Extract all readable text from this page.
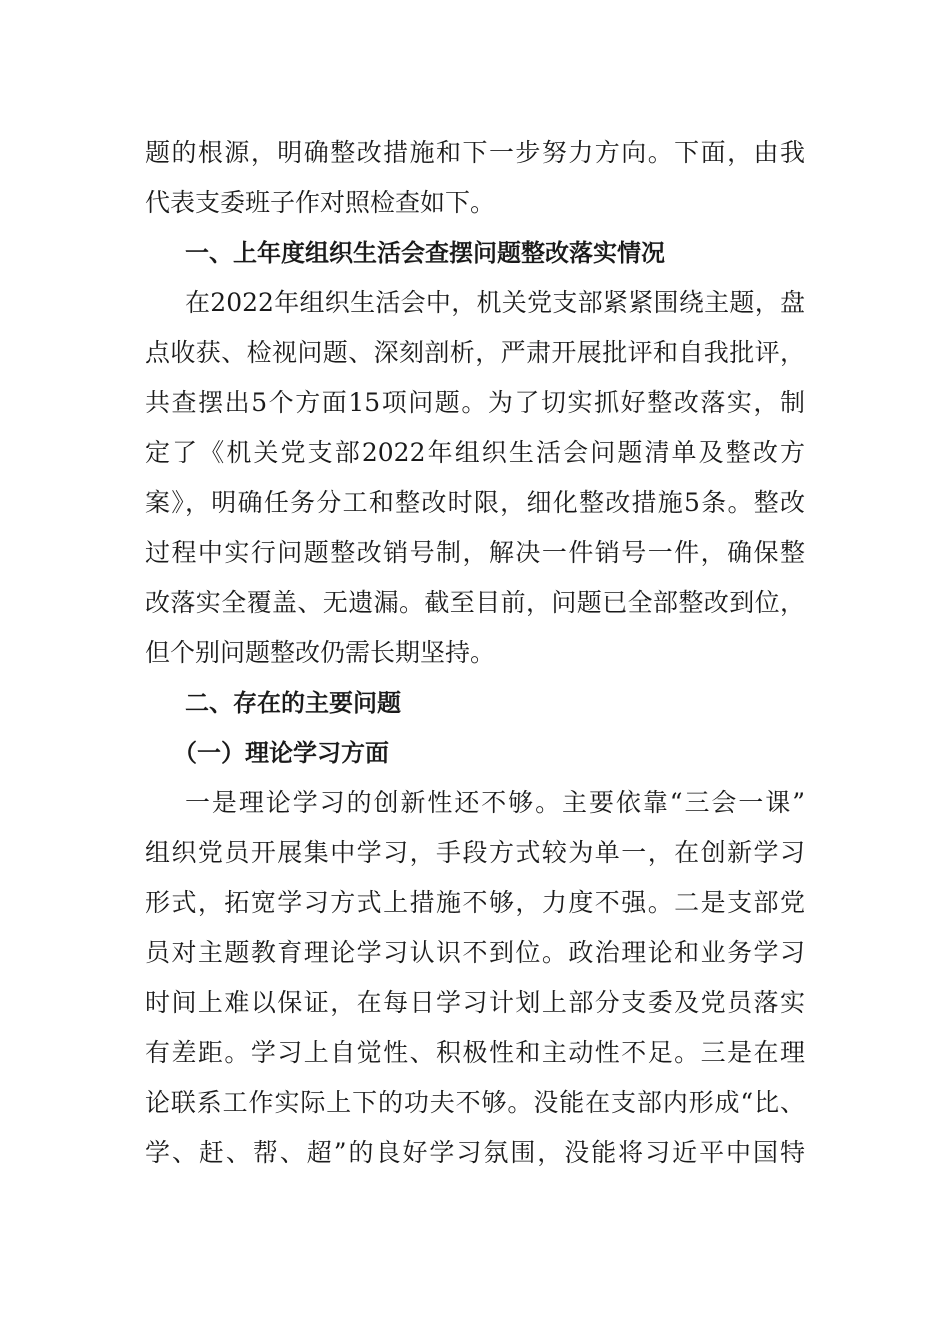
题的根源，明确整改措施和下一步努力方向。下面，由我
代表支委班子作对照检查如下。
一、上年度组织生活会查摆问题整改落实情况
在2022年组织生活会中，机关党支部紧紧围绕主题，盘
点收获、检视问题、深刻剖析，严肃开展批评和自我批评，
共查摆出5个方面15项问题。为了切实抓好整改落实，制
定了《机关党支部2022年组织生活会问题清单及整改方
案》，明确任务分工和整改时限，细化整改措施5条。整改
过程中实行问题整改销号制，解决一件销号一件，确保整
改落实全覆盖、无遗漏。截至目前，问题已全部整改到位，
但个别问题整改仍需长期坚持。
二、存在的主要问题
（一）理论学习方面
一是理论学习的创新性还不够。主要依靠“三会一课”
组织党员开展集中学习，手段方式较为单一，在创新学习
形式，拓宽学习方式上措施不够，力度不强。二是支部党
员对主题教育理论学习认识不到位。政治理论和业务学习
时间上难以保证，在每日学习计划上部分支委及党员落实
有差距。学习上自觉性、积极性和主动性不足。三是在理
论联系工作实际上下的功夫不够。没能在支部内形成“比、
学、赶、帮、超”的良好学习氛围，没能将习近平中国特
